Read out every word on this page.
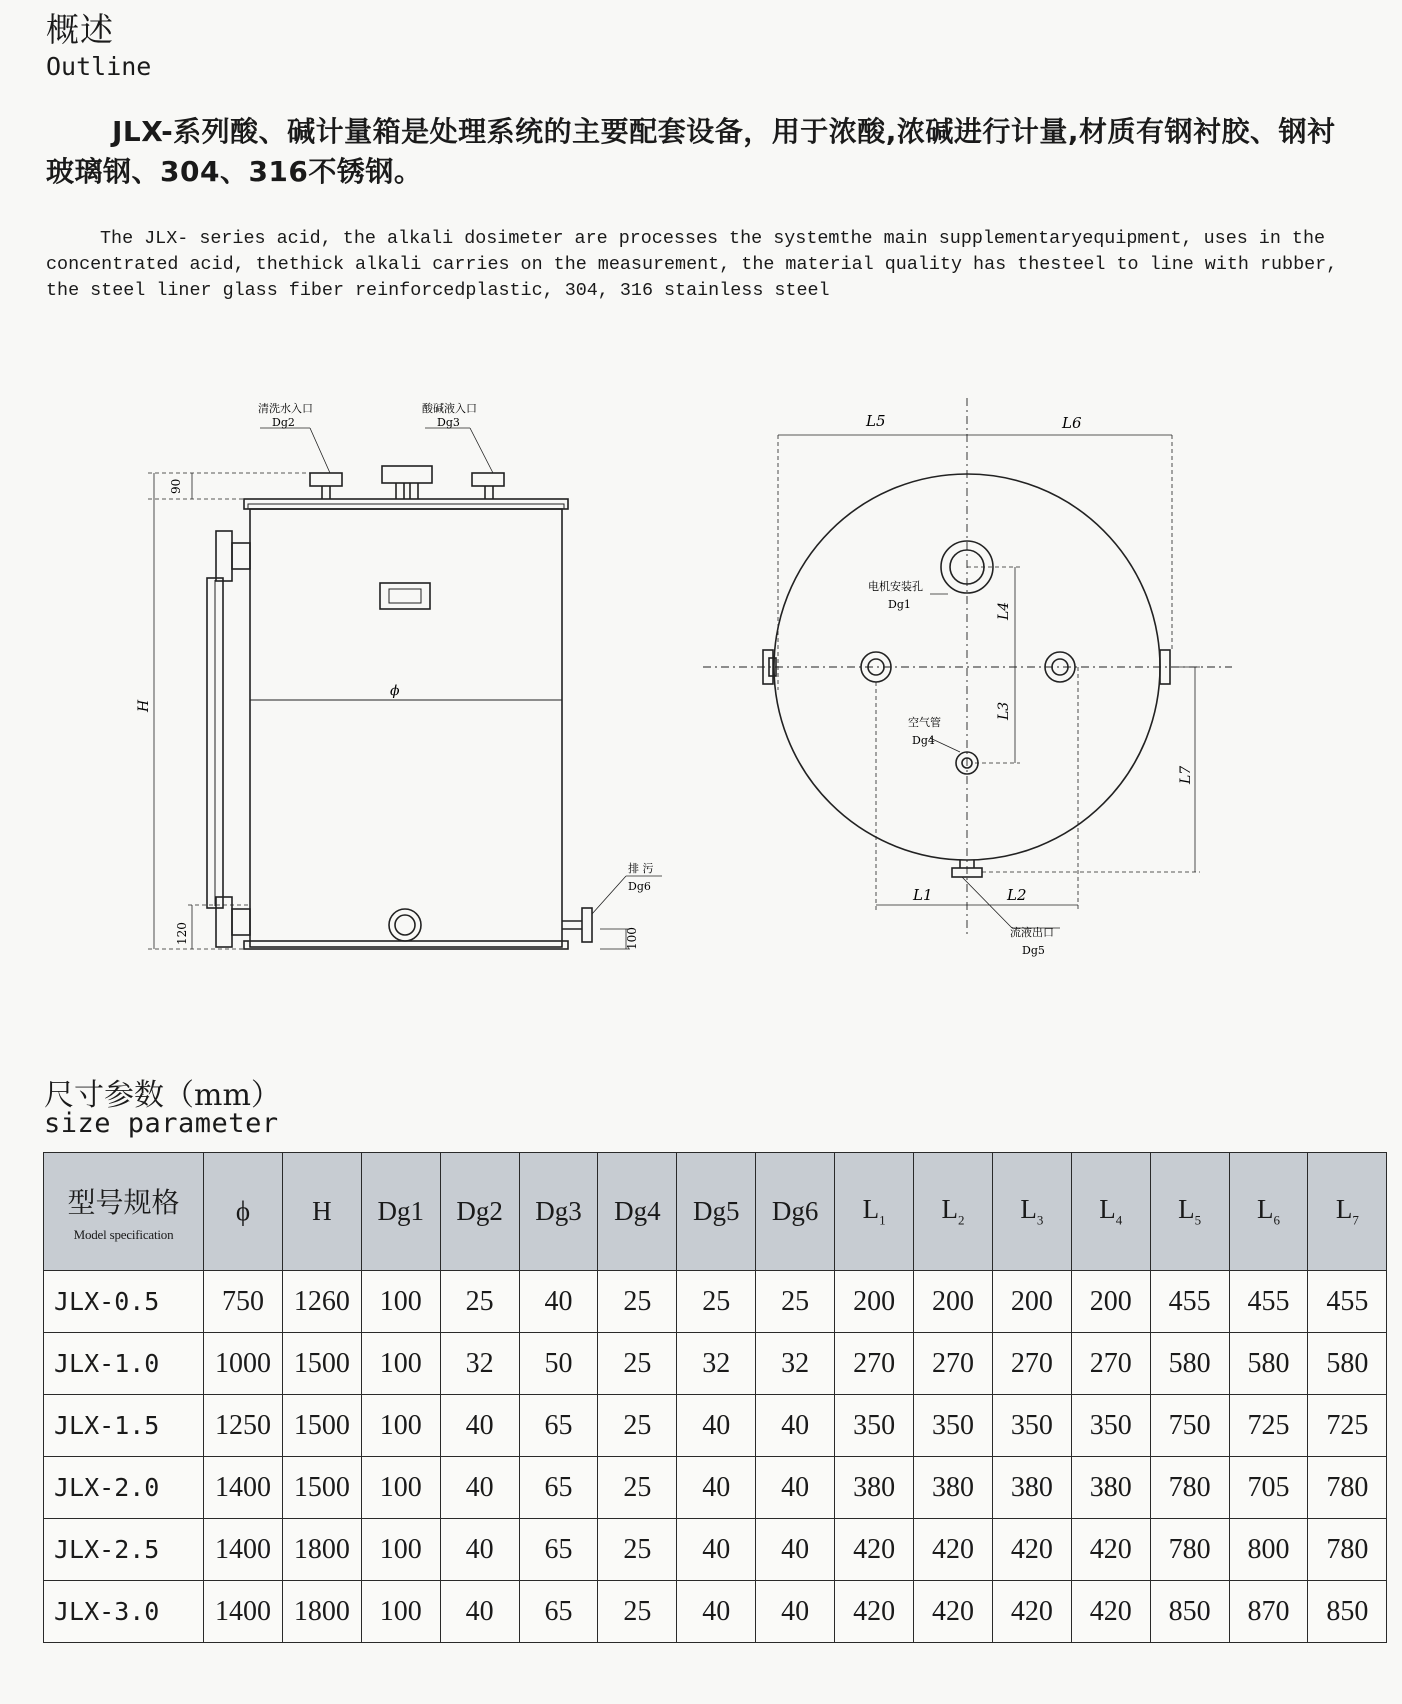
概述
Outline
JLX-系列酸、碱计量箱是处理系统的主要配套设备，用于浓酸,浓碱进行计量,材质有钢衬胶、钢衬玻璃钢、304、316不锈钢。
The JLX- series acid, the alkali dosimeter are processes the systemthe main supplementaryequipment, uses in the concentrated acid, thethick alkali carries on the measurement, the material quality has thesteel to line with rubber, the steel liner glass fiber reinforcedplastic, 304, 316 stainless steel
清洗水入口
Dg2
酸碱液入口
Dg3
90
H
120	100
ϕ
排 污
Dg6
L5	L6
电机安装孔
Dg1	L4
L3
空气管
Dg4
L7
L1	L2
流液出口
Dg5
尺寸参数（mm）
size parameter
型号规格
Model specification	ϕ	H	Dg1	Dg2	Dg3	Dg4	Dg5	Dg6	$L_1$	$L_2$	$L_3$	$L_4$	$L_5$	$L_6$	$L_7$
JLX-0.5	750	1260	100	25	40	25	25	25	200	200	200	200	455	455	455
JLX-1.0	1000	1500	100	32	50	25	32	32	270	270	270	270	580	580	580
JLX-1.5	1250	1500	100	40	65	25	40	40	350	350	350	350	750	725	725
JLX-2.0	1400	1500	100	40	65	25	40	40	380	380	380	380	780	705	780
JLX-2.5	1400	1800	100	40	65	25	40	40	420	420	420	420	780	800	780
JLX-3.0	1400	1800	100	40	65	25	40	40	420	420	420	420	850	870	850
